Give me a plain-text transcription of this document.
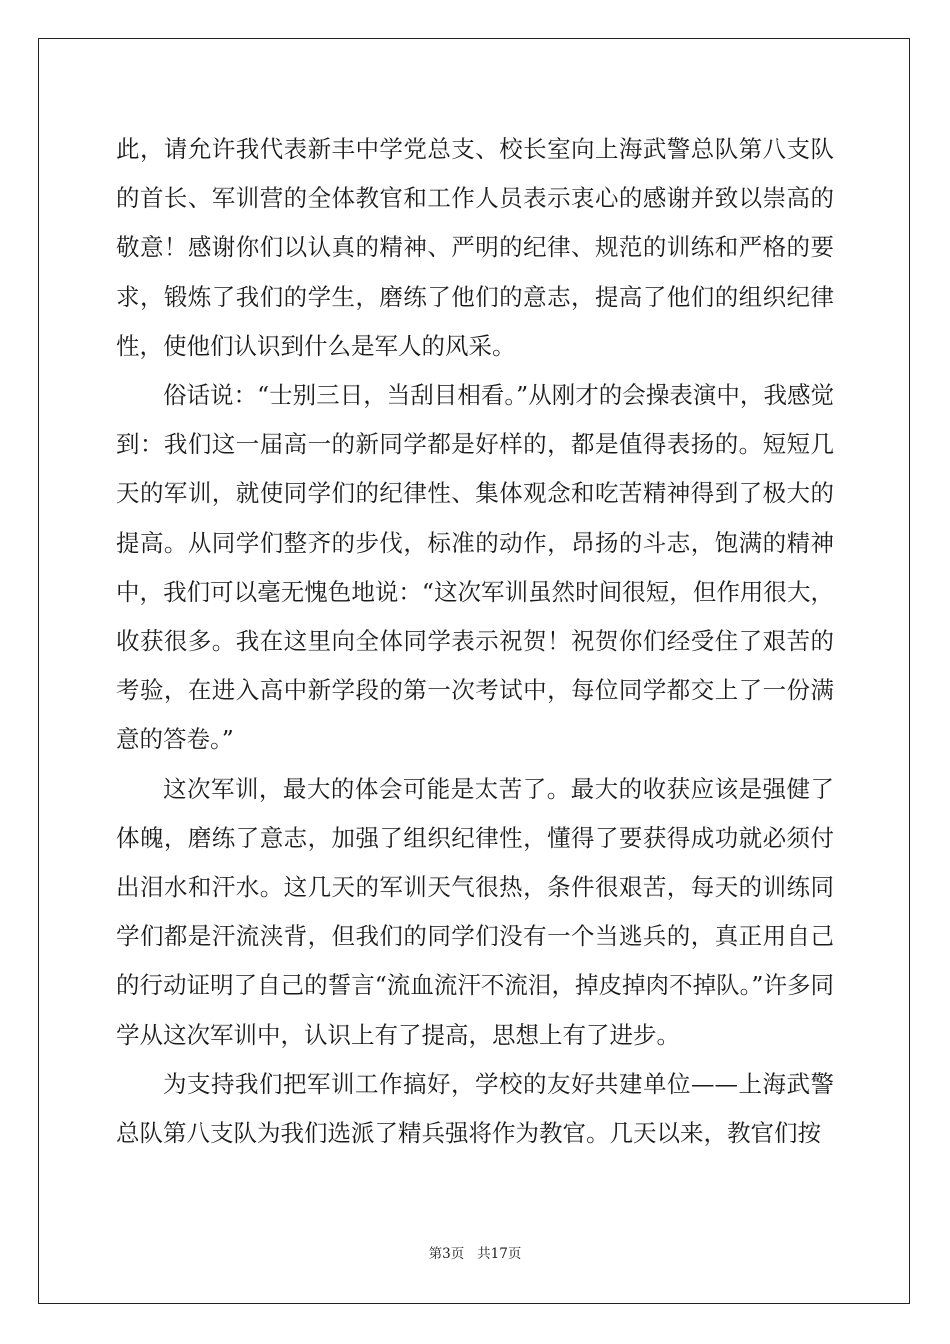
此，请允许我代表新丰中学党总支、校长室向上海武警总队第八支队的首长、军训营的全体教官和工作人员表示衷心的感谢并致以崇高的敬意！感谢你们以认真的精神、严明的纪律、规范的训练和严格的要求，锻炼了我们的学生，磨练了他们的意志，提高了他们的组织纪律性，使他们认识到什么是军人的风采。

俗话说：“士别三日，当刮目相看。”从刚才的会操表演中，我感觉到：我们这一届高一的新同学都是好样的，都是值得表扬的。短短几天的军训，就使同学们的纪律性、集体观念和吃苦精神得到了极大的提高。从同学们整齐的步伐，标准的动作，昂扬的斗志，饱满的精神中，我们可以毫无愧色地说：“这次军训虽然时间很短，但作用很大，收获很多。我在这里向全体同学表示祝贺！祝贺你们经受住了艰苦的考验，在进入高中新学段的第一次考试中，每位同学都交上了一份满意的答卷。”

这次军训，最大的体会可能是太苦了。最大的收获应该是强健了体魄，磨练了意志，加强了组织纪律性，懂得了要获得成功就必须付出泪水和汗水。这几天的军训天气很热，条件很艰苦，每天的训练同学们都是汗流浃背，但我们的同学们没有一个当逃兵的，真正用自己的行动证明了自己的誓言“流血流汗不流泪，掉皮掉肉不掉队。”许多同学从这次军训中，认识上有了提高，思想上有了进步。

为支持我们把军训工作搞好，学校的友好共建单位——上海武警总队第八支队为我们选派了精兵强将作为教官。几天以来，教官们按

第3页 共17页
